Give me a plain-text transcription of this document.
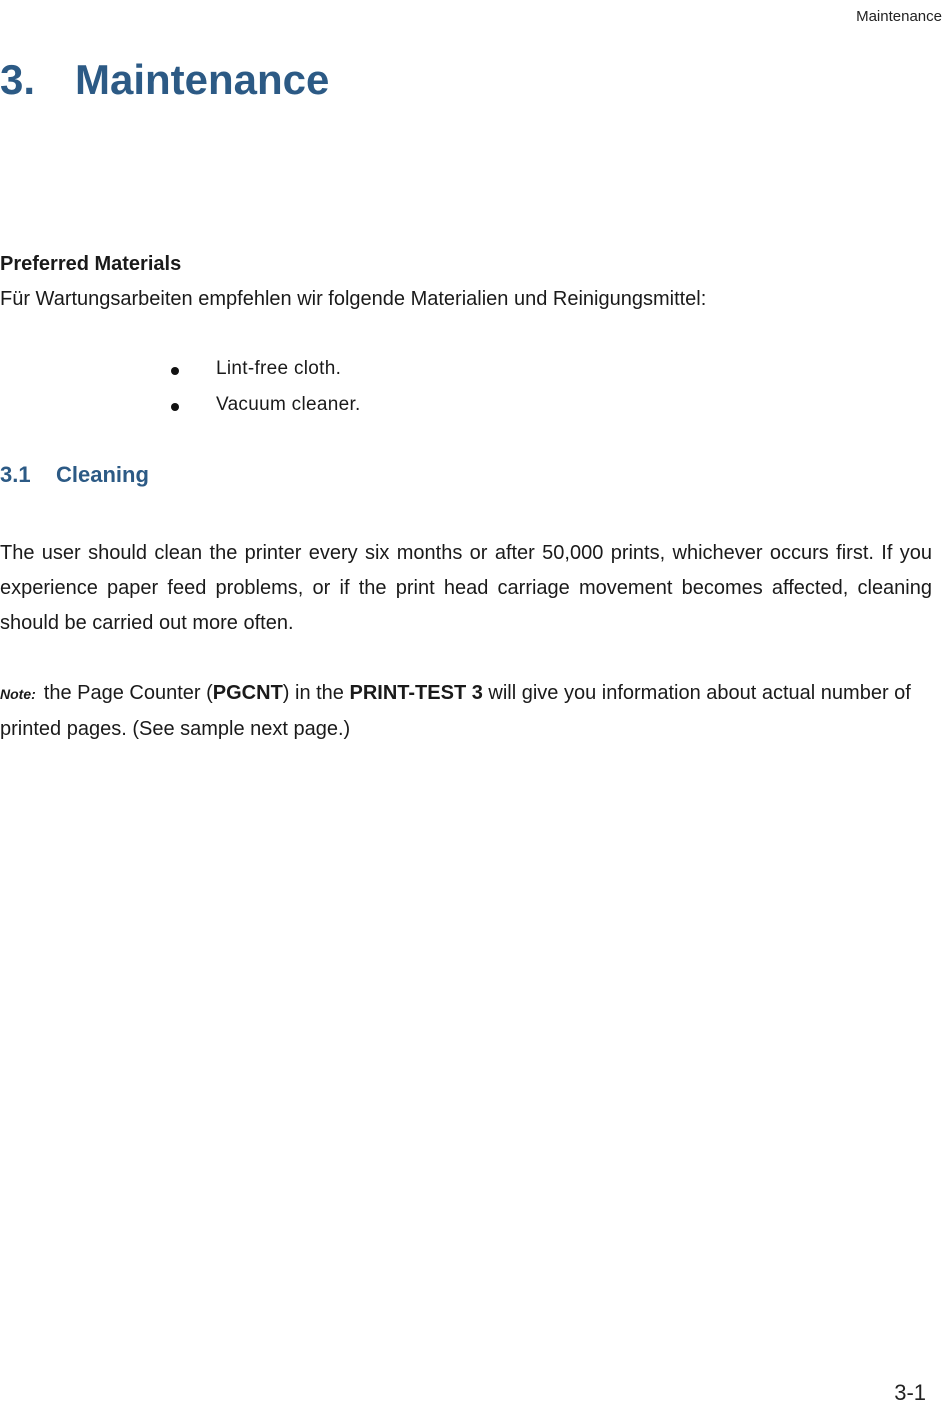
Maintenance
3. Maintenance
Preferred Materials
Für Wartungsarbeiten empfehlen wir folgende Materialien und Reinigungsmittel:
Lint-free cloth.
Vacuum cleaner.
3.1 Cleaning

The user should clean the printer every six months or after 50,000 prints, whichever occurs first. If you experience paper feed problems, or if the print head carriage movement becomes affected, cleaning should be carried out more often.

Note: the Page Counter (PGCNT) in the PRINT-TEST 3 will give you information about actual number of printed pages. (See sample next page.)

3-1
